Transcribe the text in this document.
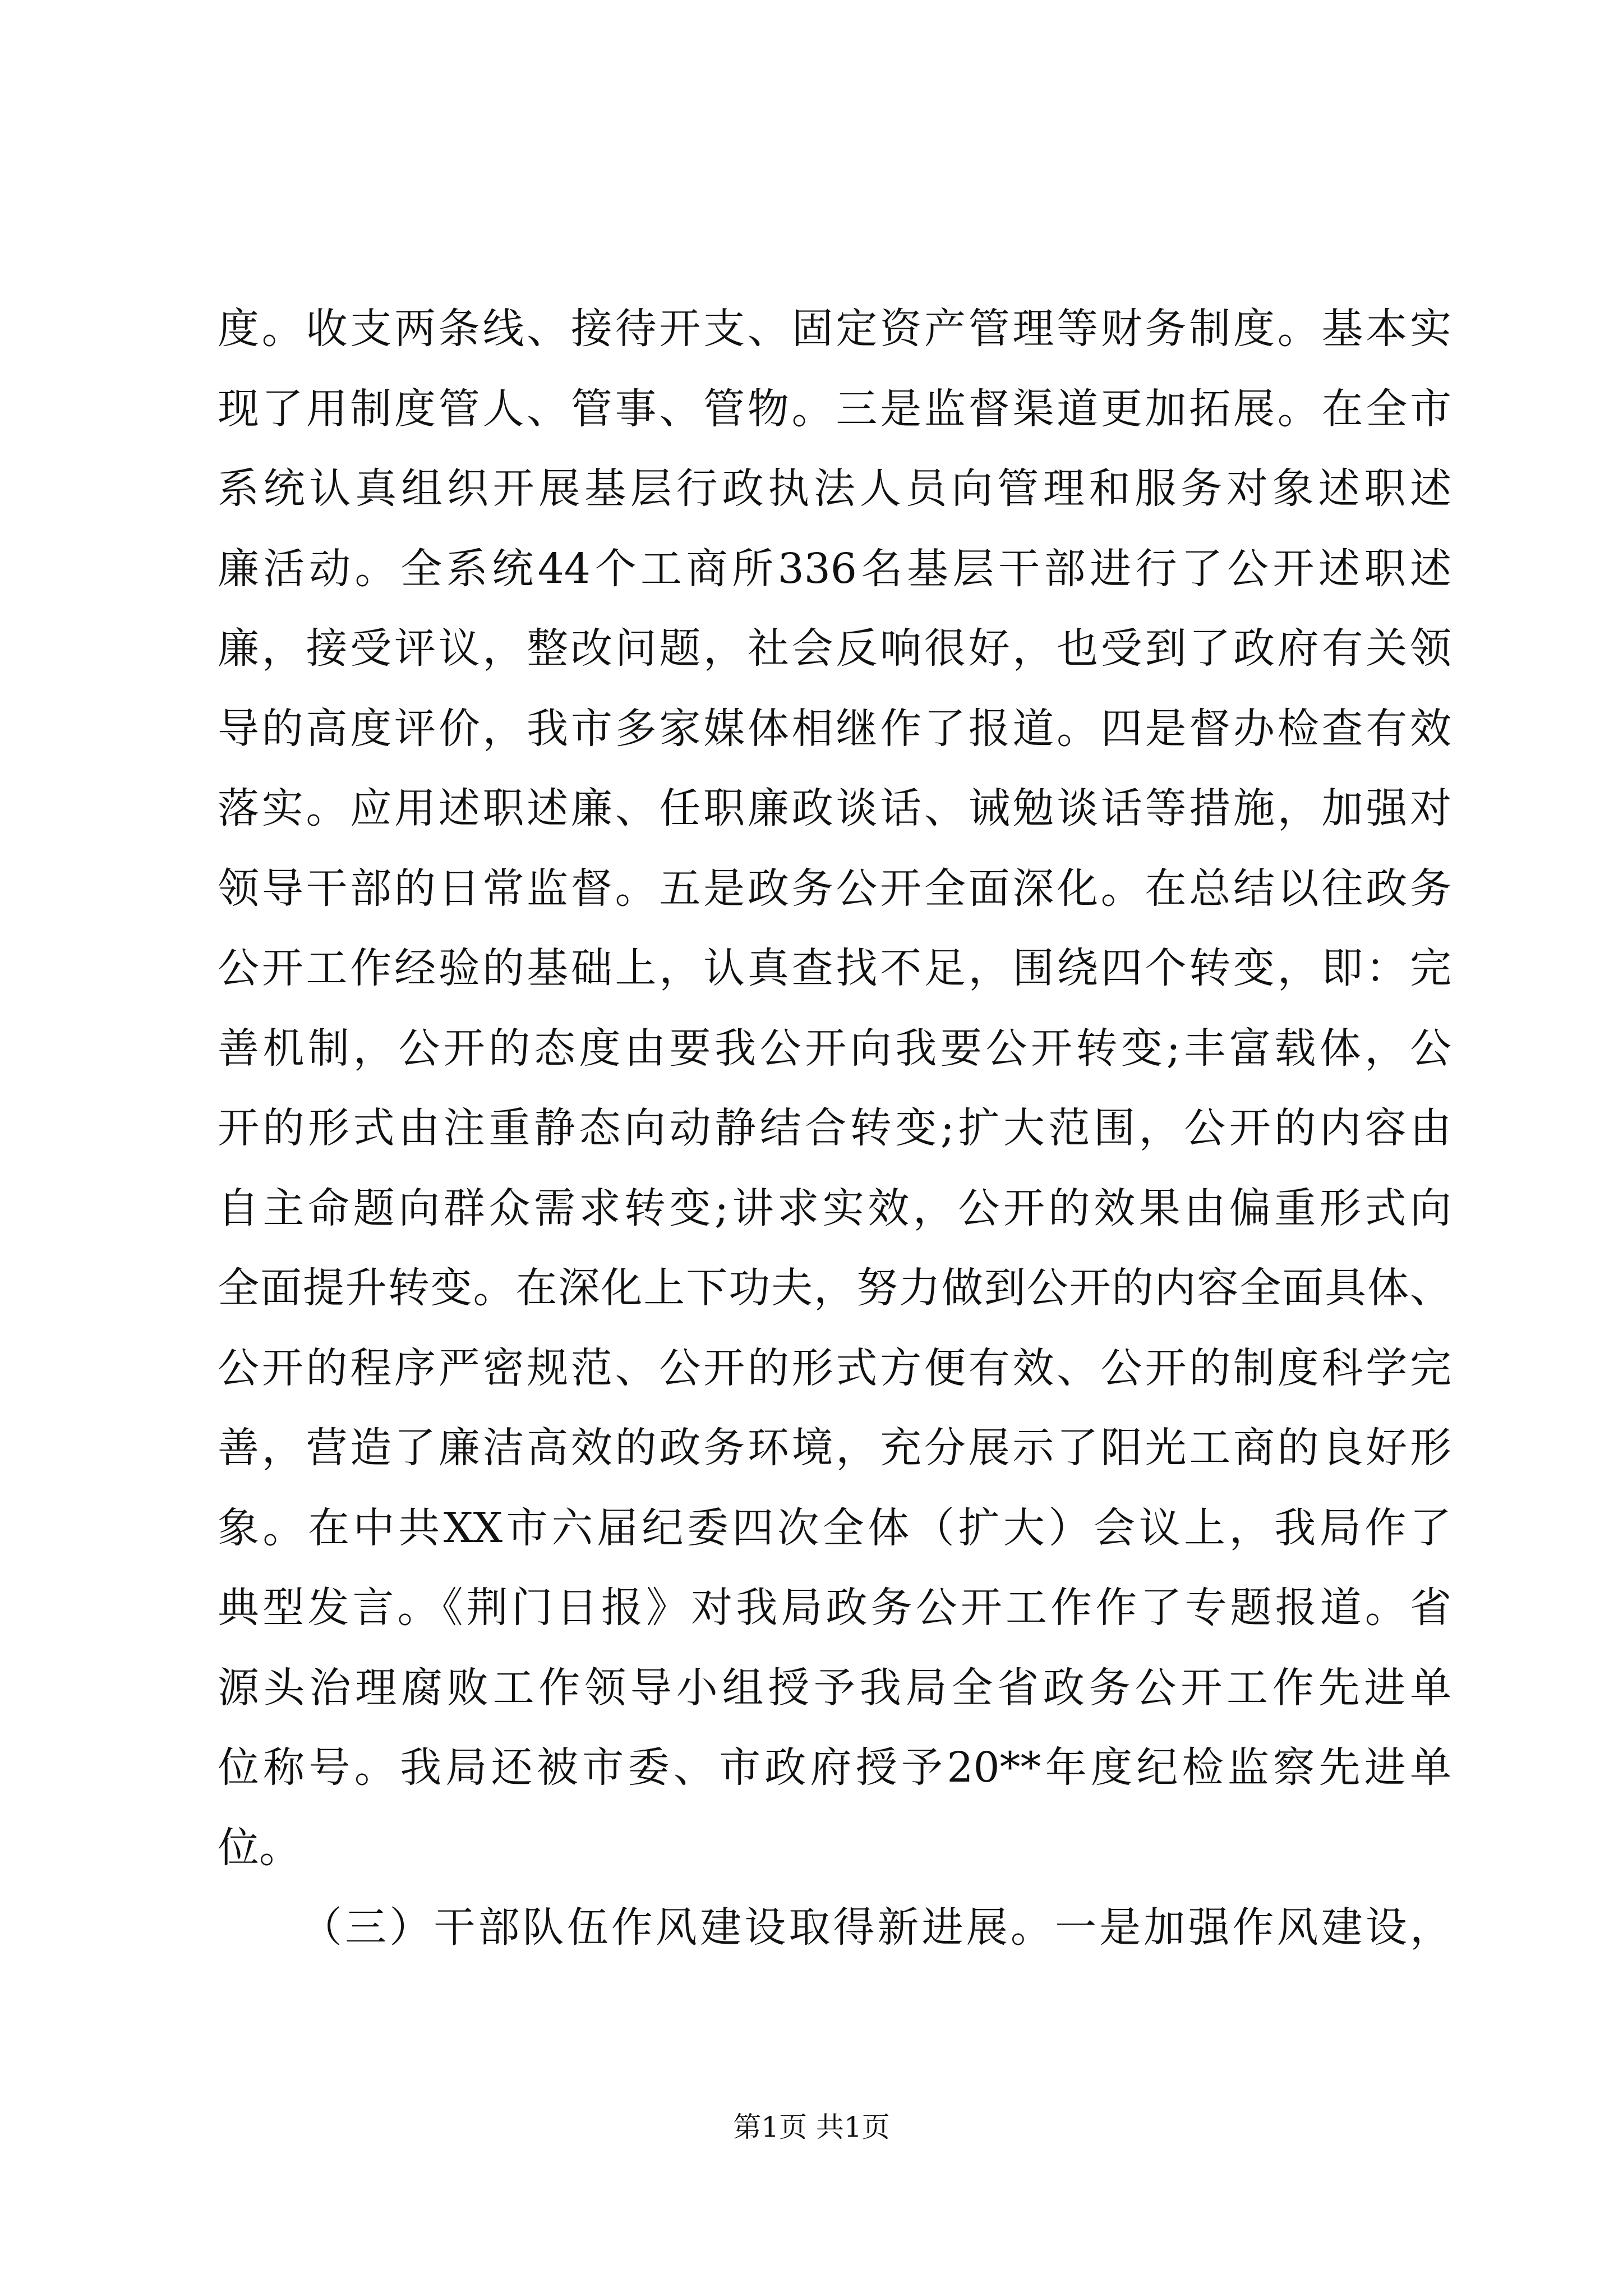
度。收支两条线、接待开支、固定资产管理等财务制度。基本实
现了用制度管人、管事、管物。三是监督渠道更加拓展。在全市
系统认真组织开展基层行政执法人员向管理和服务对象述职述
廉活动。全系统44个工商所336名基层干部进行了公开述职述
廉，接受评议，整改问题，社会反响很好，也受到了政府有关领
导的高度评价，我市多家媒体相继作了报道。四是督办检查有效
落实。应用述职述廉、任职廉政谈话、诫勉谈话等措施，加强对
领导干部的日常监督。五是政务公开全面深化。在总结以往政务
公开工作经验的基础上，认真查找不足，围绕四个转变，即：完
善机制，公开的态度由要我公开向我要公开转变;丰富载体，公
开的形式由注重静态向动静结合转变;扩大范围，公开的内容由
自主命题向群众需求转变;讲求实效，公开的效果由偏重形式向
全面提升转变。在深化上下功夫，努力做到公开的内容全面具体、
公开的程序严密规范、公开的形式方便有效、公开的制度科学完
善，营造了廉洁高效的政务环境，充分展示了阳光工商的良好形
象。在中共XX市六届纪委四次全体（扩大）会议上，我局作了
典型发言。《荆门日报》对我局政务公开工作作了专题报道。省
源头治理腐败工作领导小组授予我局全省政务公开工作先进单
位称号。我局还被市委、市政府授予20**年度纪检监察先进单
位。
（三）干部队伍作风建设取得新进展。一是加强作风建设，
第1页 共1页
